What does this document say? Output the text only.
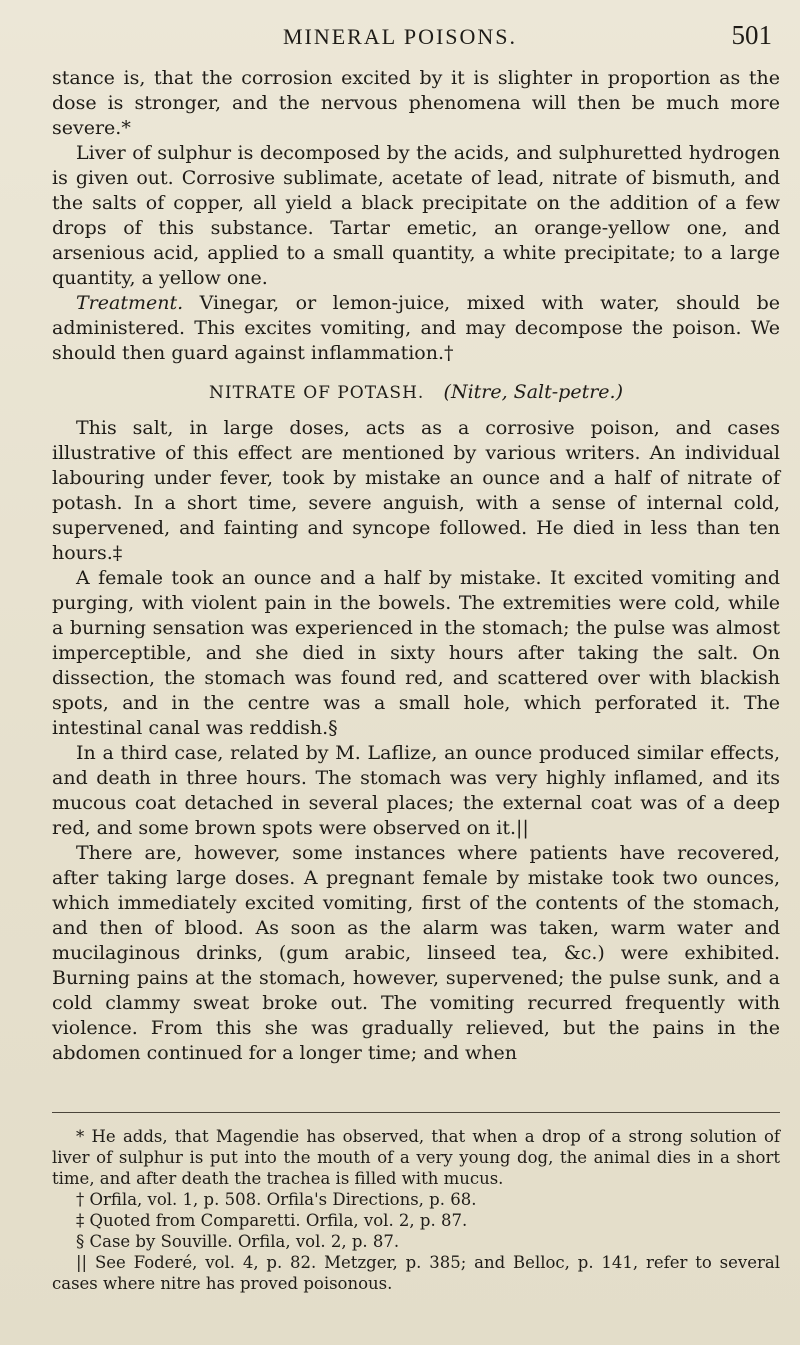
MINERAL POISONS.	501

stance is, that the corrosion excited by it is slighter in proportion as the dose is stronger, and the nervous phenomena will then be much more severe.*

Liver of sulphur is decomposed by the acids, and sulphuretted hydrogen is given out. Corrosive sublimate, acetate of lead, nitrate of bismuth, and the salts of copper, all yield a black precipitate on the addition of a few drops of this substance. Tartar emetic, an orange-yellow one, and arsenious acid, applied to a small quantity, a white precipitate; to a large quantity, a yellow one.

Treatment. Vinegar, or lemon-juice, mixed with water, should be administered. This excites vomiting, and may decompose the poison. We should then guard against inflammation.†

NITRATE OF POTASH. (Nitre, Salt-petre.)

This salt, in large doses, acts as a corrosive poison, and cases illustrative of this effect are mentioned by various writers. An individual labouring under fever, took by mistake an ounce and a half of nitrate of potash. In a short time, severe anguish, with a sense of internal cold, supervened, and fainting and syncope followed. He died in less than ten hours.‡

A female took an ounce and a half by mistake. It excited vomiting and purging, with violent pain in the bowels. The extremities were cold, while a burning sensation was experienced in the stomach; the pulse was almost imperceptible, and she died in sixty hours after taking the salt. On dissection, the stomach was found red, and scattered over with blackish spots, and in the centre was a small hole, which perforated it. The intestinal canal was reddish.§

In a third case, related by M. Laflize, an ounce produced similar effects, and death in three hours. The stomach was very highly inflamed, and its mucous coat detached in several places; the external coat was of a deep red, and some brown spots were observed on it.||

There are, however, some instances where patients have recovered, after taking large doses. A pregnant female by mistake took two ounces, which immediately excited vomiting, first of the contents of the stomach, and then of blood. As soon as the alarm was taken, warm water and mucilaginous drinks, (gum arabic, linseed tea, &c.) were exhibited. Burning pains at the stomach, however, supervened; the pulse sunk, and a cold clammy sweat broke out. The vomiting recurred frequently with violence. From this she was gradually relieved, but the pains in the abdomen continued for a longer time; and when

* He adds, that Magendie has observed, that when a drop of a strong solution of liver of sulphur is put into the mouth of a very young dog, the animal dies in a short time, and after death the trachea is filled with mucus.

† Orfila, vol. 1, p. 508. Orfila's Directions, p. 68.

‡ Quoted from Comparetti. Orfila, vol. 2, p. 87.

§ Case by Souville. Orfila, vol. 2, p. 87.

|| See Foderé, vol. 4, p. 82. Metzger, p. 385; and Belloc, p. 141, refer to several cases where nitre has proved poisonous.
